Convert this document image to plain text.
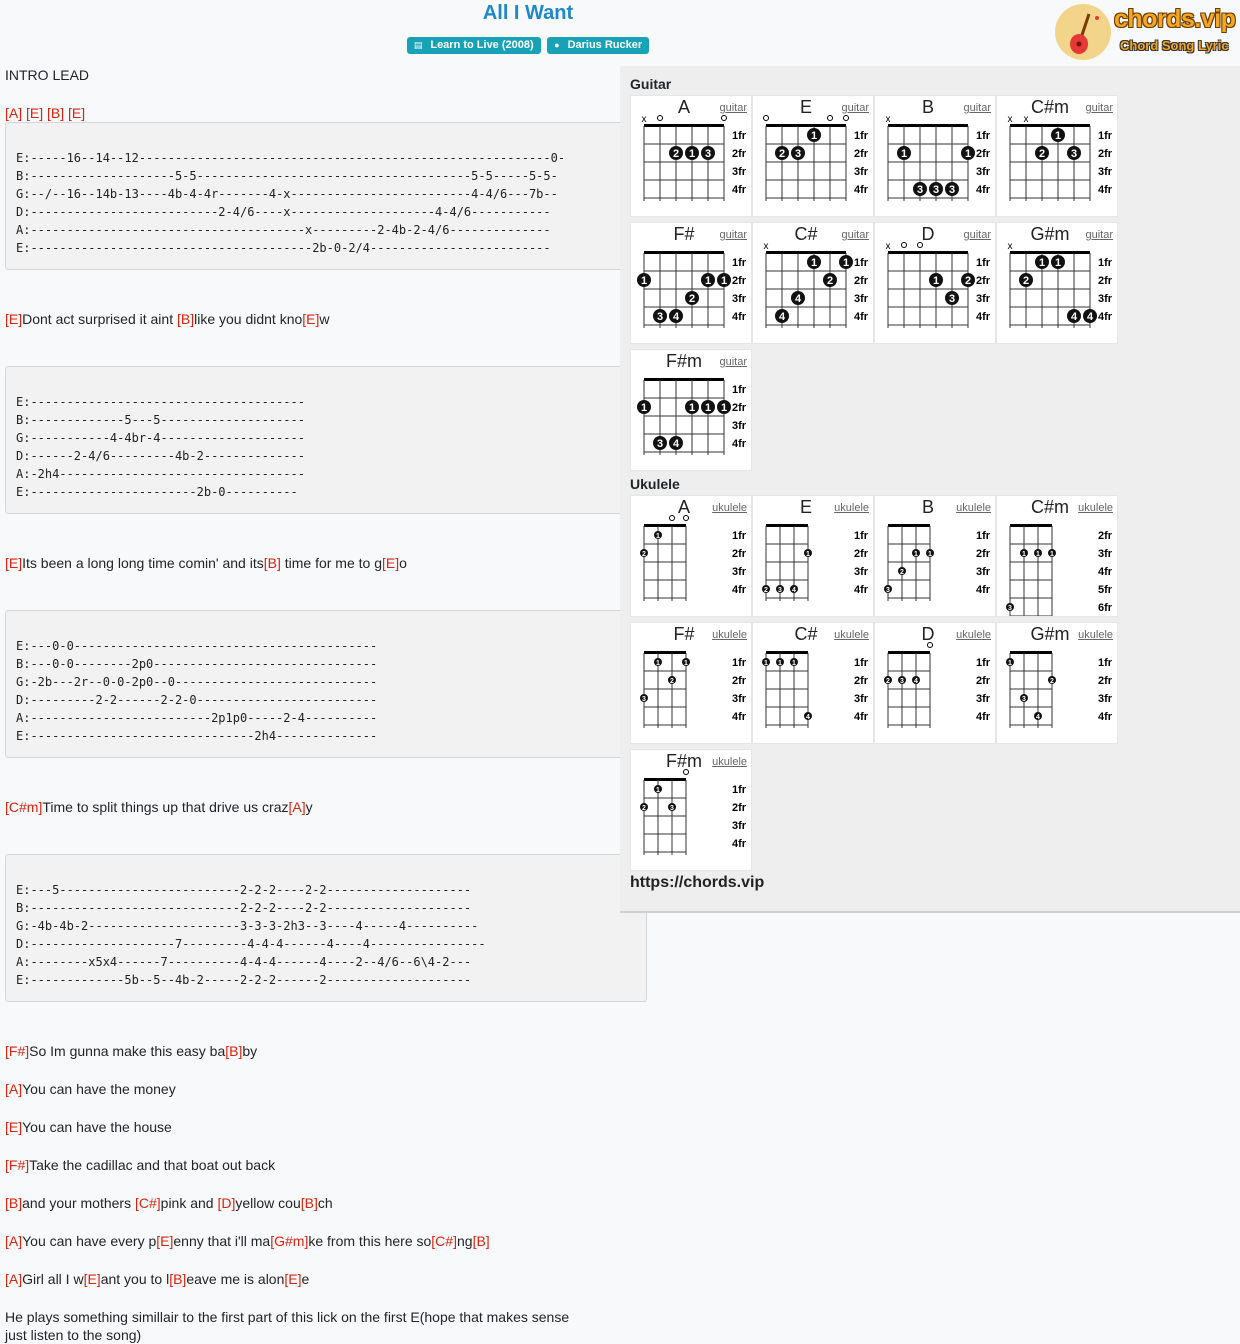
All I Want
▤ Learn to Live (2008) ● Darius Rucker
chords.vip
Chord Song Lyric
INTRO LEAD
[A] [E] [B] [E]
[E]Dont act surprised it aint [B]like you didnt kno[E]w
[E]Its been a long long time comin' and its[B] time for me to g[E]o
[C#m]Time to split things up that drive us craz[A]y
[F#]So Im gunna make this easy ba[B]by
[A]You can have the money
[E]You can have the house
[F#]Take the cadillac and that boat out back
[B]and your mothers [C#]pink and [D]yellow cou[B]ch
[A]You can have every p[E]enny that i'll ma[G#m]ke from this here so[C#]ng[B]
[A]Girl all I w[E]ant you to l[B]eave me is alon[E]e
He plays something simillair to the first part of this lick on the first E(hope that makes sense
just listen to the song)
E:-----16--14--12---------------------------------------------------------0-
B:--------------------5-5--------------------------------------5-5-----5-5-
G:--/--16--14b-13----4b-4-4r-------4-x-------------------------4-4/6---7b--
D:--------------------------2-4/6----x--------------------4-4/6-----------
A:--------------------------------------x---------2-4b-2-4/6--------------
E:---------------------------------------2b-0-2/4-------------------------
E:--------------------------------------
B:-------------5---5--------------------
G:-----------4-4br-4--------------------
D:------2-4/6---------4b-2--------------
A:-2h4----------------------------------
E:-----------------------2b-0----------
E:---0-0------------------------------------------
B:---0-0--------2p0-------------------------------
G:-2b---2r--0-0-2p0--0----------------------------
D:---------2-2------2-2-0-------------------------
A:-------------------------2p1p0-----2-4----------
E:-------------------------------2h4--------------
E:---5-------------------------2-2-2----2-2--------------------
B:-----------------------------2-2-2----2-2--------------------
G:-4b-4b-2---------------------3-3-3-2h3--3----4-----4----------
D:--------------------7---------4-4-4------4----4----------------
A:--------x5x4------7----------4-4-4------4----2--4/6--6\4-2---
E:-------------5b--5--4b-2-----2-2-2------2--------------------
Guitar
Ukulele
https://chords.vip
1fr
2fr
3fr
4fr
x
2 1 3
A	guitar
1fr
2fr
3fr
4fr
1
2 3
E	guitar
1fr
2fr
3fr
4fr
x
1	1
3 3 3
B	guitar
1fr
2fr
3fr
4fr
x x
1
2 3
C#m	guitar
1fr
2fr
3fr
4fr
1	1 1
2
3 4
F#	guitar
1fr
2fr
3fr
4fr
x
1 1
2
4
4
C#	guitar
1fr
2fr
3fr
4fr
x
1 2
3
D	guitar
1fr
2fr
3fr
4fr
x
1 1
2
4 4
G#m	guitar
1fr
2fr
3fr
4fr
1	1 1 1
3 4
F#m	guitar
1fr
2fr
3fr
4fr
1
2
A	ukulele
1fr
2fr
3fr
4fr
1
2 3 4
E	ukulele
1fr
2fr
3fr
4fr
1 1
2
3
B	ukulele
2fr
3fr
4fr
5fr
6fr
1 1 1
3
C#m ukulele
1fr
2fr
3fr
4fr
1	1
2
3
F#	ukulele
1fr
2fr
3fr
4fr
1 1 1
4
C#	ukulele
1fr
2fr
3fr
4fr
2 3 4
D	ukulele
1fr
2fr
3fr
4fr
1
2
3
4
G#m ukulele
1fr
2fr
3fr
4fr
1
2	3
F#m ukulele
